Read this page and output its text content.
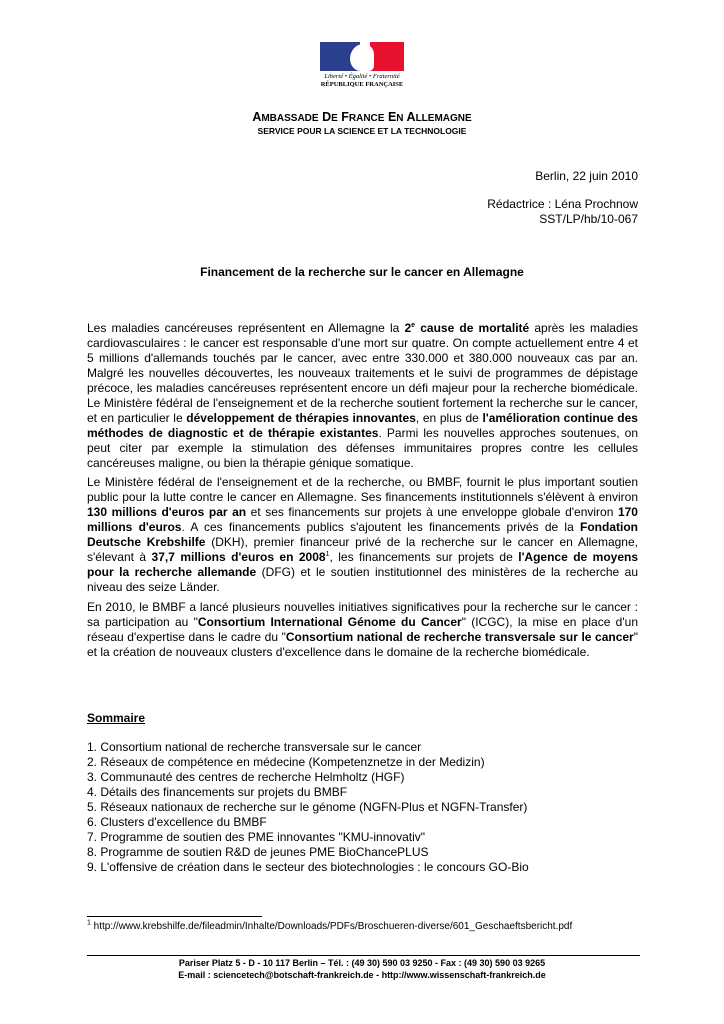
Liberté • Égalité • Fraternité
RÉPUBLIQUE FRANÇAISE
AMBASSADE DE FRANCE EN ALLEMAGNE
SERVICE POUR LA SCIENCE ET LA TECHNOLOGIE
Berlin, 22 juin 2010
Rédactrice : Léna Prochnow
SST/LP/hb/10-067
Financement de la recherche sur le cancer en Allemagne
Les maladies cancéreuses représentent en Allemagne la 2e cause de mortalité après les maladies cardiovasculaires : le cancer est responsable d'une mort sur quatre. On compte actuellement entre 4 et 5 millions d'allemands touchés par le cancer, avec entre 330.000 et 380.000 nouveaux cas par an. Malgré les nouvelles découvertes, les nouveaux traitements et le suivi de programmes de dépistage précoce, les maladies cancéreuses représentent encore un défi majeur pour la recherche biomédicale. Le Ministère fédéral de l'enseignement et de la recherche soutient fortement la recherche sur le cancer, et en particulier le développement de thérapies innovantes, en plus de l'amélioration continue des méthodes de diagnostic et de thérapie existantes. Parmi les nouvelles approches soutenues, on peut citer par exemple la stimulation des défenses immunitaires propres contre les cellules cancéreuses maligne, ou bien la thérapie génique somatique.
Le Ministère fédéral de l'enseignement et de la recherche, ou BMBF, fournit le plus important soutien public pour la lutte contre le cancer en Allemagne. Ses financements institutionnels s'élèvent à environ 130 millions d'euros par an et ses financements sur projets à une enveloppe globale d'environ 170 millions d'euros. A ces financements publics s'ajoutent les financements privés de la Fondation Deutsche Krebshilfe (DKH), premier financeur privé de la recherche sur le cancer en Allemagne, s'élevant à 37,7 millions d'euros en 2008$^1$, les financements sur projets de l'Agence de moyens pour la recherche allemande (DFG) et le soutien institutionnel des ministères de la recherche au niveau des seize Länder.
En 2010, le BMBF a lancé plusieurs nouvelles initiatives significatives pour la recherche sur le cancer : sa participation au "Consortium International Génome du Cancer" (ICGC), la mise en place d'un réseau d'expertise dans le cadre du "Consortium national de recherche transversale sur le cancer" et la création de nouveaux clusters d'excellence dans le domaine de la recherche biomédicale.
Sommaire
1. Consortium national de recherche transversale sur le cancer
2. Réseaux de compétence en médecine (Kompetenznetze in der Medizin)
3. Communauté des centres de recherche Helmholtz (HGF)
4. Détails des financements sur projets du BMBF
5. Réseaux nationaux de recherche sur le génome (NGFN-Plus et NGFN-Transfer)
6. Clusters d'excellence du BMBF
7. Programme de soutien des PME innovantes "KMU-innovativ"
8. Programme de soutien R&D de jeunes PME BioChancePLUS
9. L'offensive de création dans le secteur des biotechnologies : le concours GO-Bio
$^1$ http://www.krebshilfe.de/fileadmin/Inhalte/Downloads/PDFs/Broschueren-diverse/601_Geschaeftsbericht.pdf
Pariser Platz 5 - D - 10 117 Berlin – Tél. : (49 30) 590 03 9250 - Fax : (49 30) 590 03 9265
E-mail : sciencetech@botschaft-frankreich.de - http://www.wissenschaft-frankreich.de
